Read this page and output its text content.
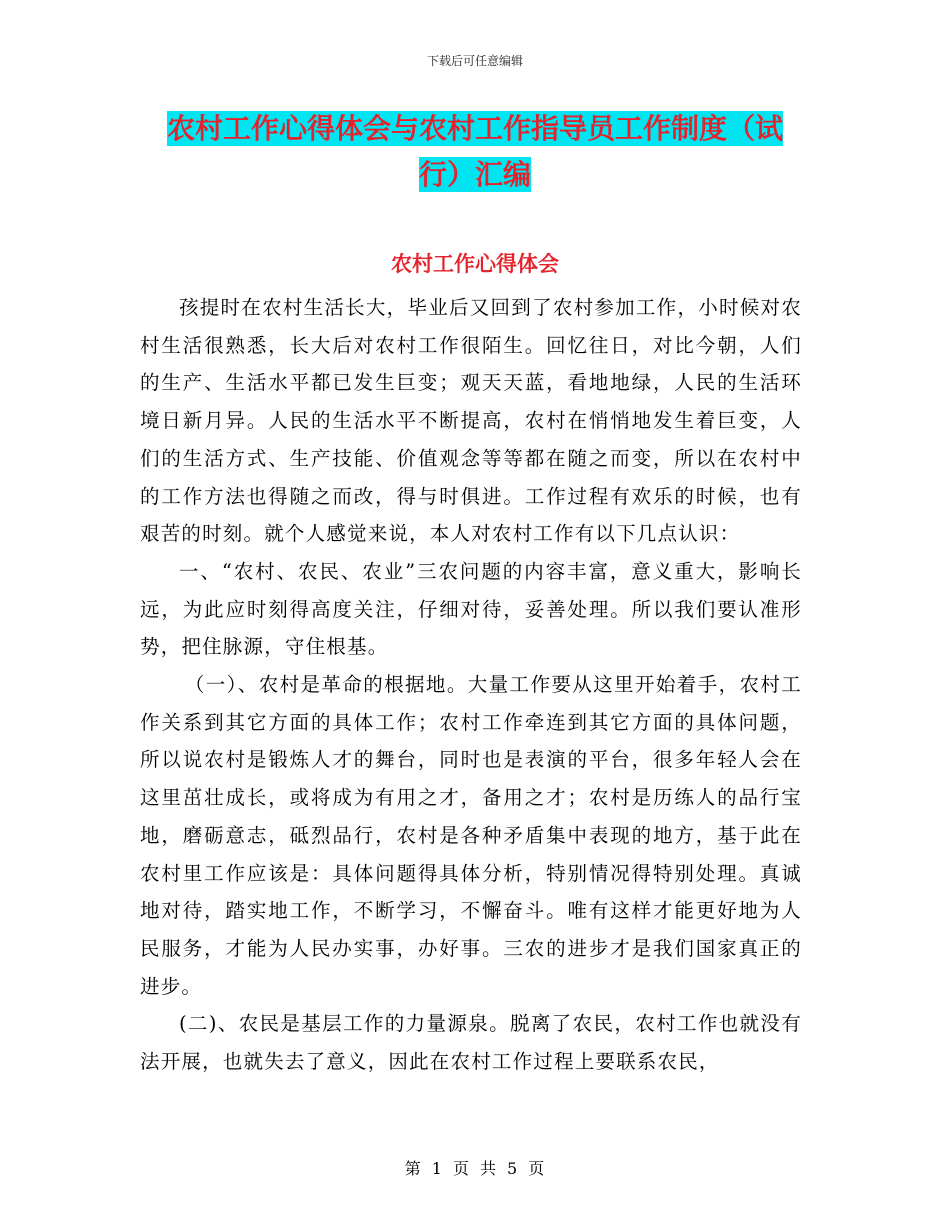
下载后可任意编辑
农村工作心得体会与农村工作指导员工作制度（试
行）汇编
农村工作心得体会

孩提时在农村生活长大，毕业后又回到了农村参加工作，小时候对农村生活很熟悉，长大后对农村工作很陌生。回忆往日，对比今朝，人们的生产、生活水平都已发生巨变；观天天蓝，看地地绿，人民的生活环境日新月异。人民的生活水平不断提高，农村在悄悄地发生着巨变，人们的生活方式、生产技能、价值观念等等都在随之而变，所以在农村中的工作方法也得随之而改，得与时俱进。工作过程有欢乐的时候，也有艰苦的时刻。就个人感觉来说，本人对农村工作有以下几点认识：

一、“农村、农民、农业”三农问题的内容丰富，意义重大，影响长远，为此应时刻得高度关注，仔细对待，妥善处理。所以我们要认准形势，把住脉源，守住根基。

（一）、农村是革命的根据地。大量工作要从这里开始着手，农村工作关系到其它方面的具体工作；农村工作牵连到其它方面的具体问题，所以说农村是锻炼人才的舞台，同时也是表演的平台，很多年轻人会在这里茁壮成长，或将成为有用之才，备用之才；农村是历练人的品行宝地，磨砺意志，砥烈品行，农村是各种矛盾集中表现的地方，基于此在农村里工作应该是：具体问题得具体分析，特别情况得特别处理。真诚地对待，踏实地工作，不断学习，不懈奋斗。唯有这样才能更好地为人民服务，才能为人民办实事，办好事。三农的进步才是我们国家真正的进步。

(二)、农民是基层工作的力量源泉。脱离了农民，农村工作也就没有法开展，也就失去了意义，因此在农村工作过程上要联系农民，

第 1 页 共 5 页
